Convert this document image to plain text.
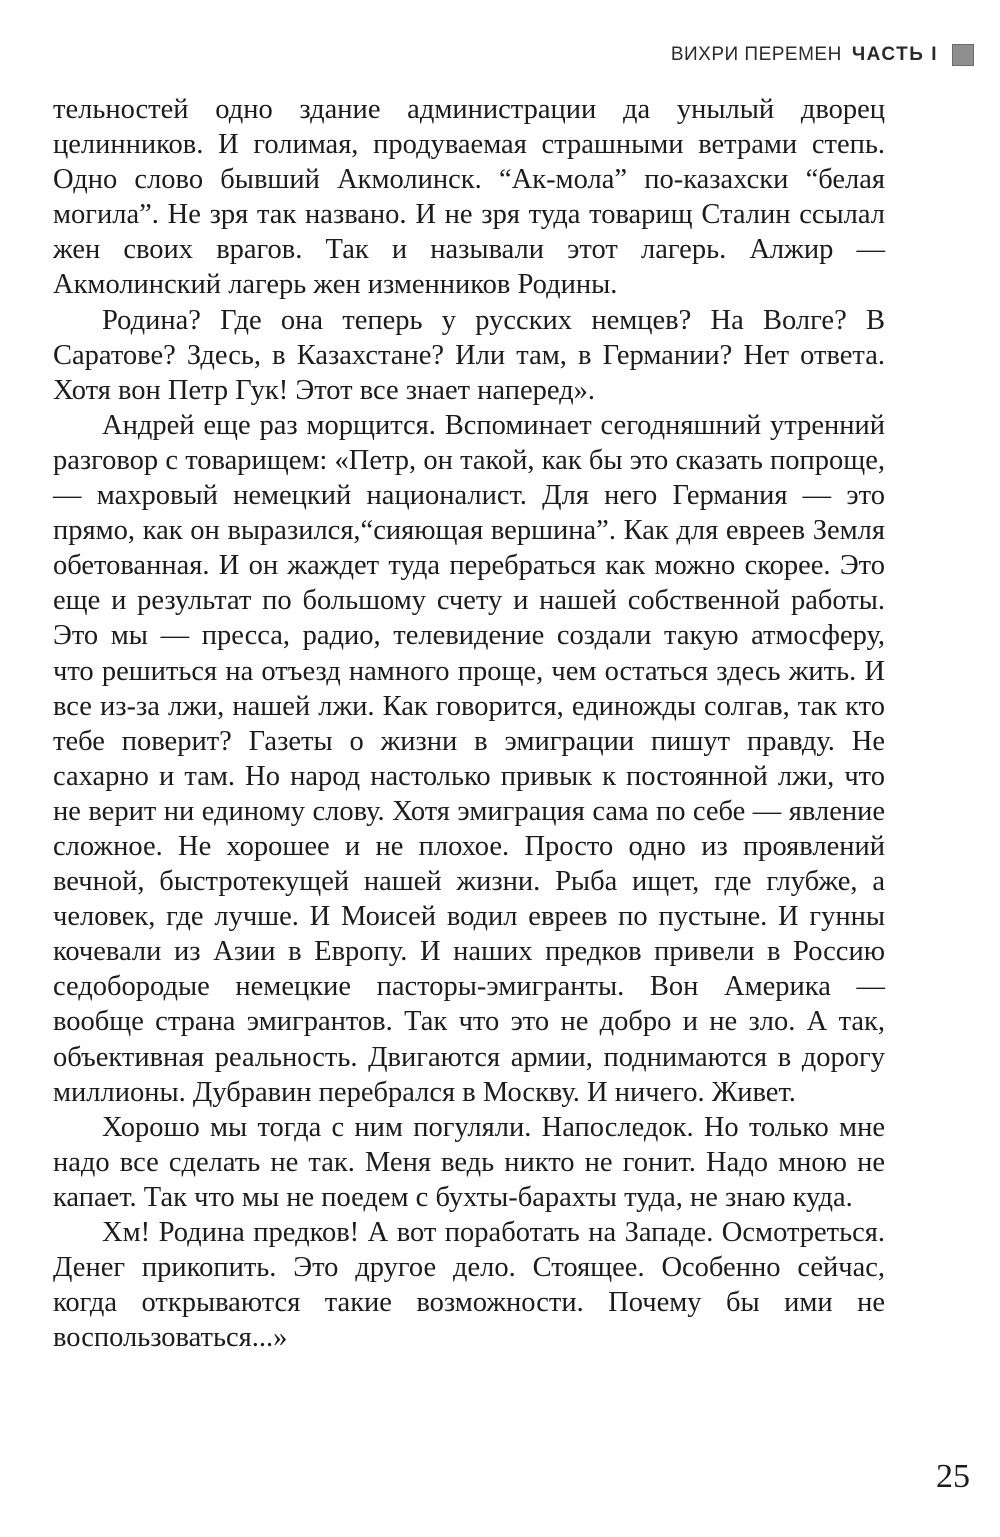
ВИХРИ ПЕРЕМЕН ЧАСТЬ I

тельностей одно здание администрации да унылый дворец целинников. И голимая, продуваемая страшными ветрами степь. Одно слово бывший Акмолинск. “Ак-мола” по-казахски “белая могила”. Не зря так названо. И не зря туда товарищ Сталин ссылал жен своих врагов. Так и называли этот лагерь. Алжир — Акмолинский лагерь жен изменников Родины.

Родина? Где она теперь у русских немцев? На Волге? В Саратове? Здесь, в Казахстане? Или там, в Германии? Нет ответа. Хотя вон Петр Гук! Этот все знает наперед».

Андрей еще раз морщится. Вспоминает сегодняшний утренний разговор с товарищем: «Петр, он такой, как бы это сказать попроще, — махровый немецкий националист. Для него Германия — это прямо, как он выразился,“сияющая вершина”. Как для евреев Земля обетованная. И он жаждет туда перебраться как можно скорее. Это еще и результат по большому счету и нашей собственной работы. Это мы — пресса, радио, телевидение создали такую атмосферу, что решиться на отъезд намного проще, чем остаться здесь жить. И все из-за лжи, нашей лжи. Как говорится, единожды солгав, так кто тебе поверит? Газеты о жизни в эмиграции пишут правду. Не сахарно и там. Но народ настолько привык к постоянной лжи, что не верит ни единому слову. Хотя эмиграция сама по себе — явление сложное. Не хорошее и не плохое. Просто одно из проявлений вечной, быстротекущей нашей жизни. Рыба ищет, где глубже, а человек, где лучше. И Моисей водил евреев по пустыне. И гунны кочевали из Азии в Европу. И наших предков привели в Россию седобородые немецкие пасторы-эмигранты. Вон Америка — вообще страна эмигрантов. Так что это не добро и не зло. А так, объективная реальность. Двигаются армии, поднимаются в дорогу миллионы. Дубравин перебрался в Москву. И ничего. Живет.

Хорошо мы тогда с ним погуляли. Напоследок. Но только мне надо все сделать не так. Меня ведь никто не гонит. Надо мною не капает. Так что мы не поедем с бухты-барахты туда, не знаю куда.

Хм! Родина предков! А вот поработать на Западе. Осмотреться. Денег прикопить. Это другое дело. Стоящее. Особенно сейчас, когда открываются такие возможности. Почему бы ими не воспользоваться...»

25
